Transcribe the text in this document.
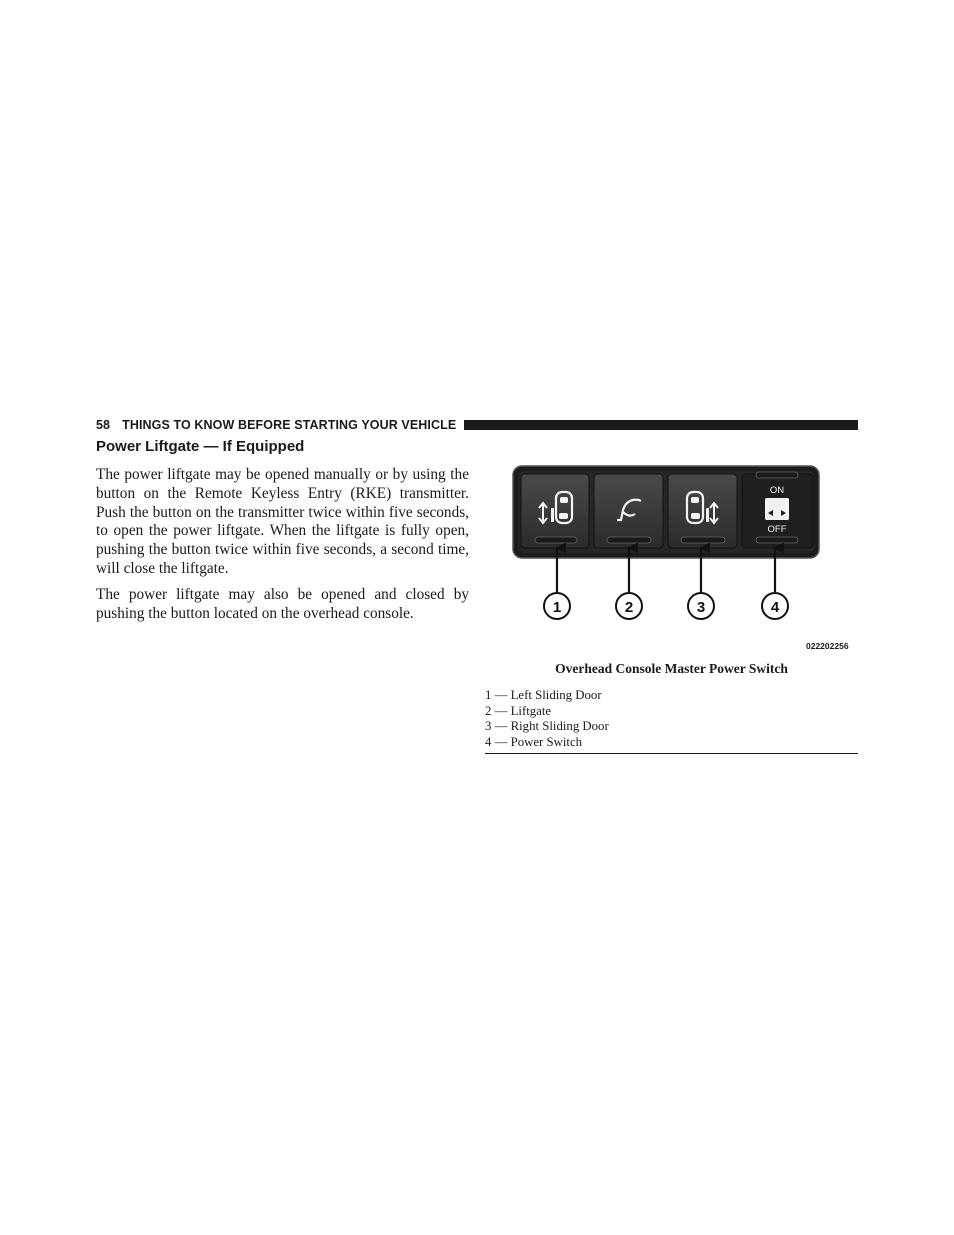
58 THINGS TO KNOW BEFORE STARTING YOUR VEHICLE
Power Liftgate — If Equipped

The power liftgate may be opened manually or by using the button on the Remote Keyless Entry (RKE) transmitter. Push the button on the transmitter twice within five seconds, to open the power liftgate. When the liftgate is fully open, pushing the button twice within five seconds, a second time, will close the liftgate.

The power liftgate may also be opened and closed by pushing the button located on the overhead console.

ON
OFF
1	2	3	4
022202256
Overhead Console Master Power Switch
1 — Left Sliding Door
2 — Liftgate
3 — Right Sliding Door
4 — Power Switch
